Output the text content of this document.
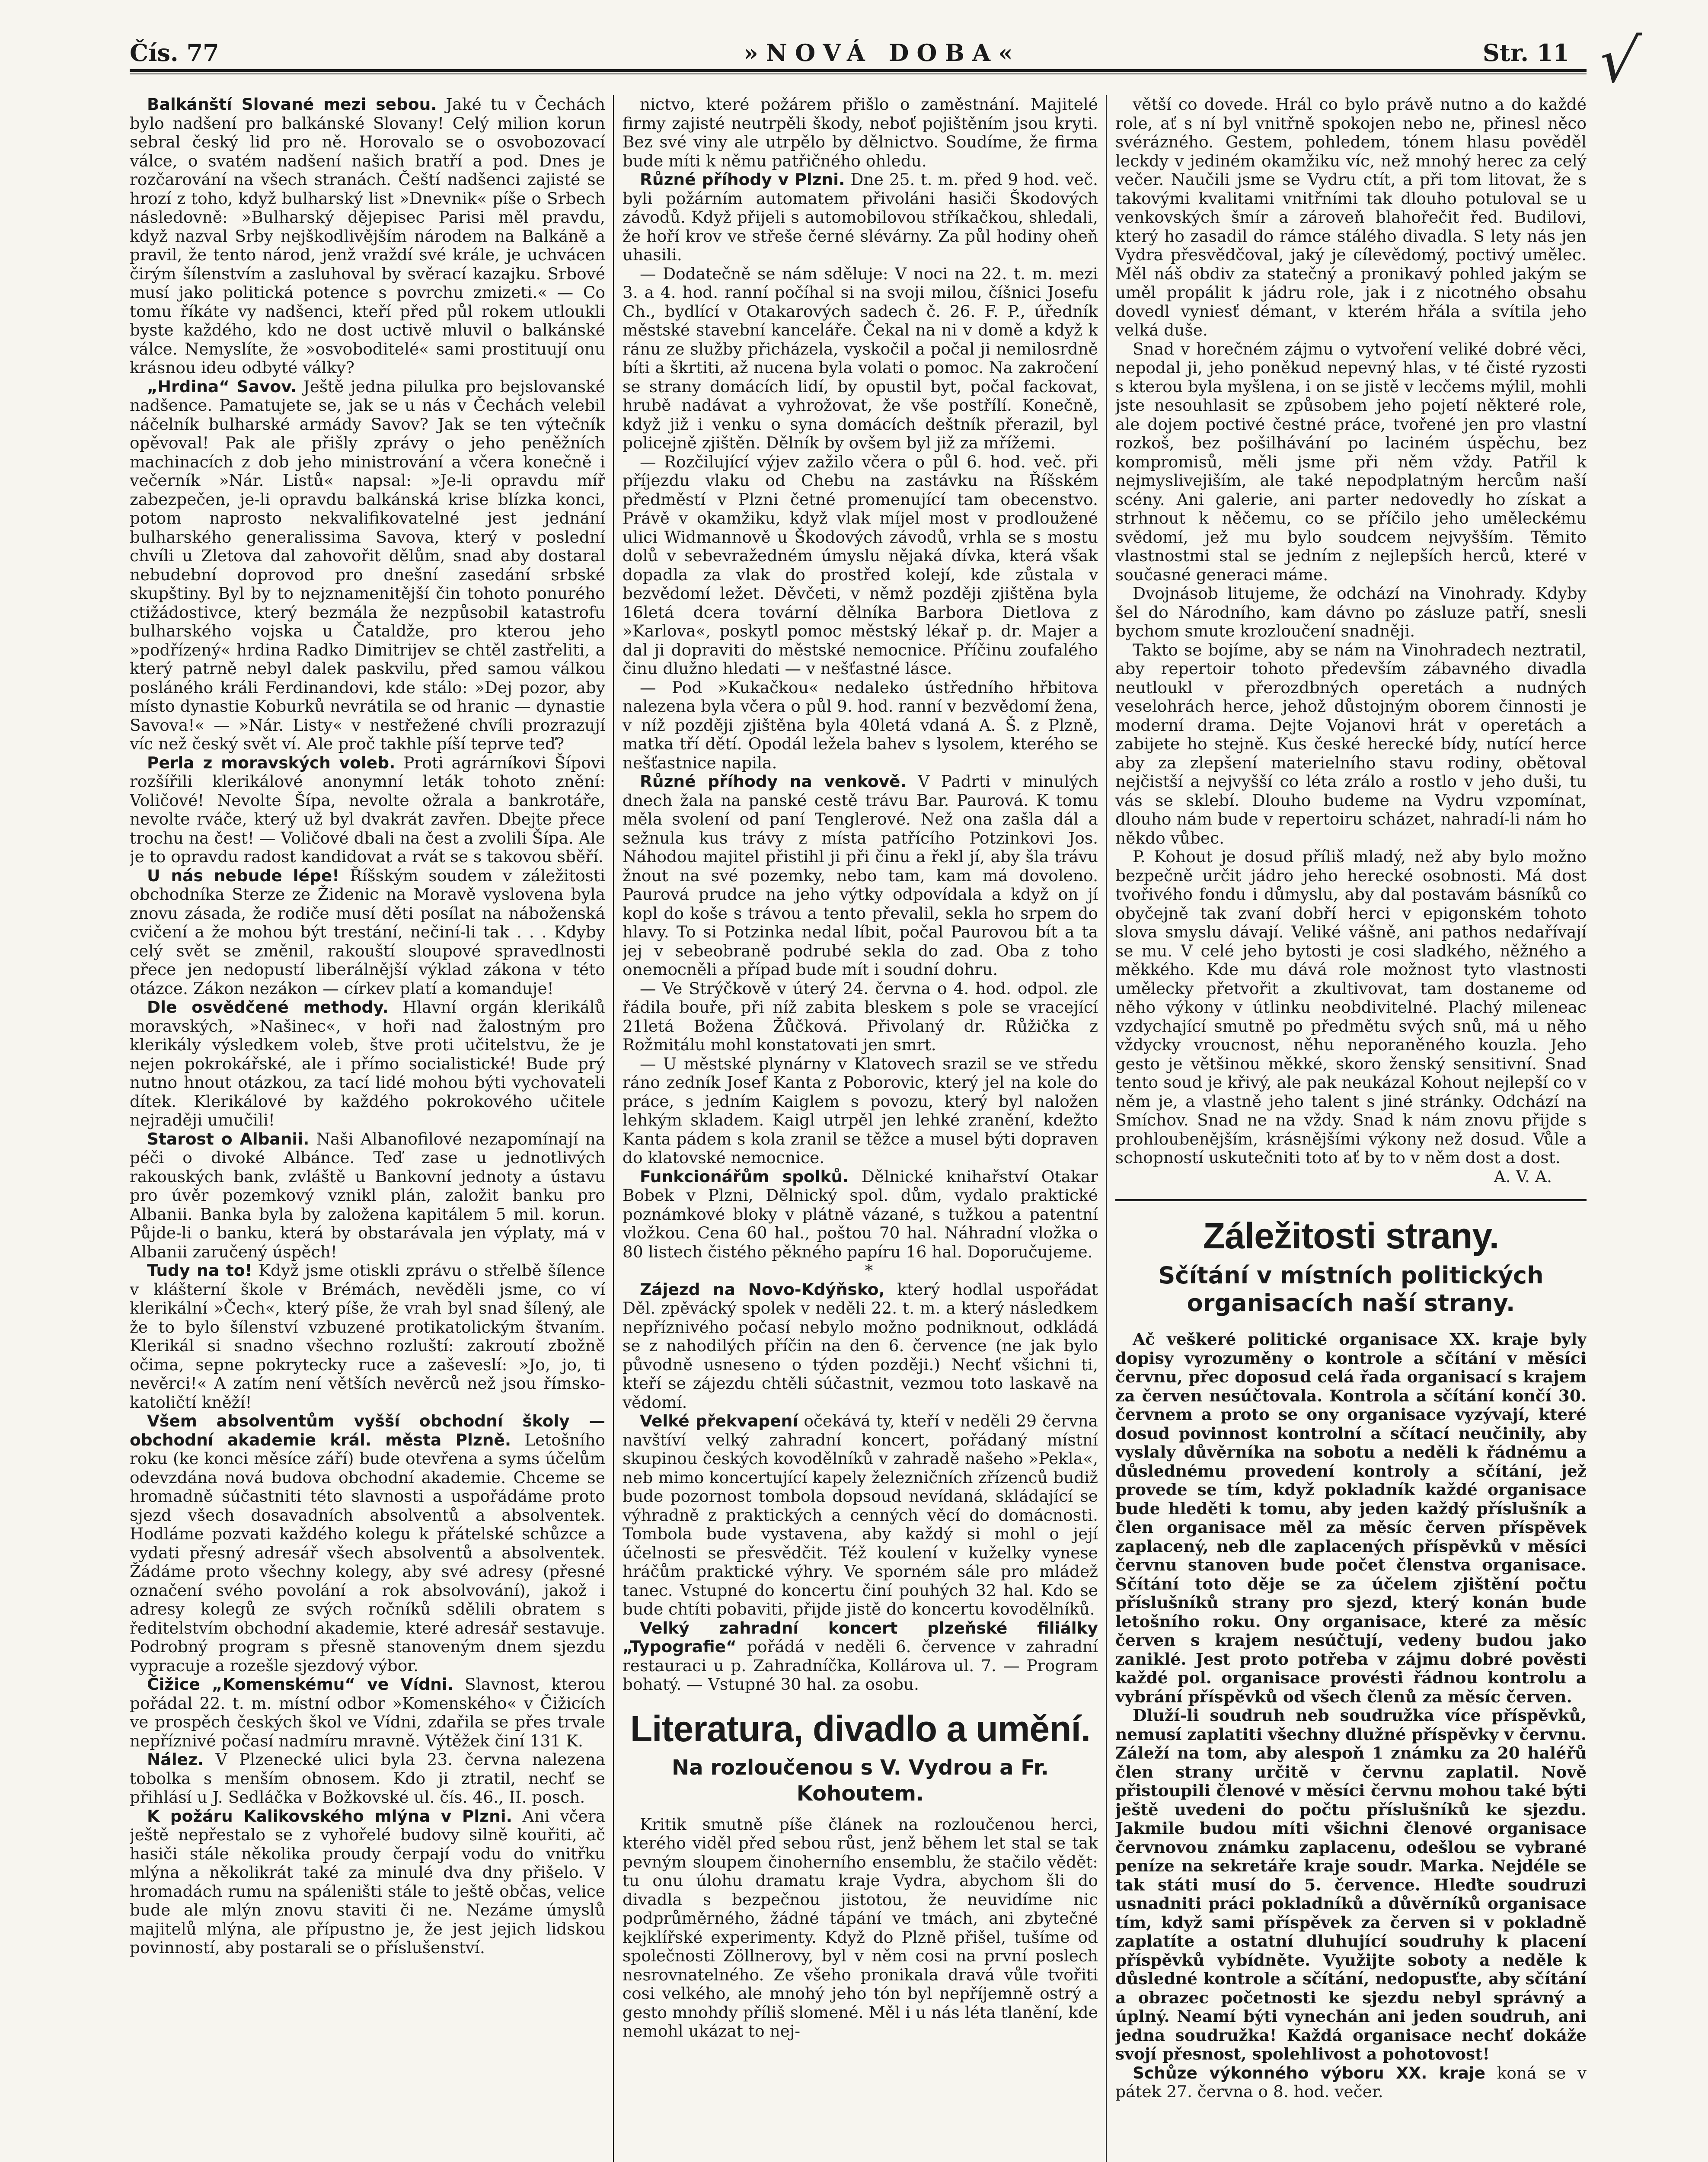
Čís. 77	»NOVÁ DOBA«	Str. 11 √

Balkánští Slované mezi sebou. Jaké tu v Čechách bylo nadšení pro balkánské Slovany! Celý milion korun sebral český lid pro ně. Horovalo se o osvobozovací válce, o svatém nadšení našich bratří a pod. Dnes je rozčarování na všech stranách. Čeští nadšenci zajisté se hrozí z toho, když bulharský list »Dnevnik« píše o Srbech následovně: »Bulharský dějepisec Parisi měl pravdu, když nazval Srby nejškodlivějším národem na Balkáně a pravil, že tento národ, jenž vraždí své krále, je uchvácen čirým šílenstvím a zasluhoval by svěrací kazajku. Srbové musí jako politická potence s povrchu zmizeti.« — Co tomu říkáte vy nadšenci, kteří před půl rokem utloukli byste každého, kdo ne dost uctivě mluvil o balkánské válce. Nemyslíte, že »osvoboditelé« sami prostituují onu krásnou ideu odbyté války?

„Hrdina“ Savov. Ještě jedna pilulka pro bejslovanské nadšence. Pamatujete se, jak se u nás v Čechách velebil náčelník bulharské armády Savov? Jak se ten výtečník opěvoval! Pak ale přišly zprávy o jeho peněžních machinacích z dob jeho ministrování a včera konečně i večerník »Nár. Listů« napsal: »Je-li opravdu míř zabezpečen, je-li opravdu balkánská krise blízka konci, potom naprosto nekvalifikovatelné jest jednání bulharského generalissima Savova, který v poslední chvíli u Zletova dal zahovořit dělům, snad aby dostaral nebudební doprovod pro dnešní zasedání srbské skupštiny. Byl by to nejznamenitější čin tohoto ponurého ctižádostivce, který bezmála že nezpůsobil katastrofu bulharského vojska u Čataldže, pro kterou jeho »podřízený« hrdina Radko Dimitrijev se chtěl zastřeliti, a který patrně nebyl dalek paskvilu, před samou válkou posláného králi Ferdinandovi, kde stálo: »Dej pozor, aby místo dynastie Koburků nevrátila se od hranic — dynastie Savova!« — »Nár. Listy« v nestřežené chvíli prozrazují víc než český svět ví. Ale proč takhle píší teprve teď?

Perla z moravských voleb. Proti agrárníkovi Šípovi rozšířili klerikálové anonymní leták tohoto znění: Voličové! Nevolte Šípa, nevolte ožrala a bankrotáře, nevolte rváče, který už byl dvakrát zavřen. Dbejte přece trochu na čest! — Voličové dbali na čest a zvolili Šípa. Ale je to opravdu radost kandidovat a rvát se s takovou sběří.

U nás nebude lépe! Říšským soudem v záležitosti obchodníka Sterze ze Židenic na Moravě vyslovena byla znovu zásada, že rodiče musí děti posílat na náboženská cvičení a že mohou být trestání, nečiní-li tak . . . Kdyby celý svět se změnil, rakouští sloupové spravedlnosti přece jen nedopustí liberálnější výklad zákona v této otázce. Zákon nezákon — církev platí a komanduje!

Dle osvědčené methody. Hlavní orgán klerikálů moravských, »Našinec«, v hoři nad žalostným pro klerikály výsledkem voleb, štve proti učitelstvu, že je nejen pokrokářské, ale i přímo socialistické! Bude prý nutno hnout otázkou, za tací lidé mohou býti vychovateli dítek. Klerikálové by každého pokrokového učitele nejraději umučili!

Starost o Albanii. Naši Albanofilové nezapomínají na péči o divoké Albánce. Teď zase u jednotlivých rakouských bank, zvláště u Bankovní jednoty a ústavu pro úvěr pozemkový vznikl plán, založit banku pro Albanii. Banka byla by založena kapitálem 5 mil. korun. Půjde-li o banku, která by obstarávala jen výplaty, má v Albanii zaručený úspěch!

Tudy na to! Když jsme otiskli zprávu o střelbě šílence v klášterní škole v Brémách, nevěděli jsme, co ví klerikální »Čech«, který píše, že vrah byl snad šílený, ale že to bylo šílenství vzbuzené protikatolickým štvaním. Klerikál si snadno všechno rozluští: zakroutí zbožně očima, sepne pokrytecky ruce a zaševeslí: »Jo, jo, ti nevěrci!« A zatím není větších nevěrců než jsou římsko-katoličtí kněží!

Všem absolventům vyšší obchodní školy — obchodní akademie král. města Plzně. Letošního roku (ke konci měsíce září) bude otevřena a syms účelům odevzdána nová budova obchodní akademie. Chceme se hromadně súčastniti této slavnosti a uspořádáme proto sjezd všech dosavadních absolventů a absolventek. Hodláme pozvati každého kolegu k přátelské schůzce a vydati přesný adresář všech absolventů a absolventek. Žádáme proto všechny kolegy, aby své adresy (přesné označení svého povolání a rok absolvování), jakož i adresy kolegů ze svých ročníků sdělili obratem s ředitelstvím obchodní akademie, které adresář sestavuje. Podrobný program s přesně stanoveným dnem sjezdu vypracuje a rozešle sjezdový výbor.

Čižice „Komenskému“ ve Vídni. Slavnost, kterou pořádal 22. t. m. místní odbor »Komenského« v Čižicích ve prospěch českých škol ve Vídni, zdařila se přes trvale nepříznivé počasí nadmíru mravně. Výtěžek činí 131 K.

Nález. V Plzenecké ulici byla 23. června nalezena tobolka s menším obnosem. Kdo ji ztratil, nechť se přihlásí u J. Sedláčka v Božkovské ul. čís. 46., II. posch.

K požáru Kalikovského mlýna v Plzni. Ani včera ještě nepřestalo se z vyhořelé budovy silně kouřiti, ač hasiči stále několika proudy čerpají vodu do vnitřku mlýna a několikrát také za minulé dva dny přišelo. V hromadách rumu na spáleništi stále to ještě občas, velice bude ale mlýn znovu staviti či ne. Nezáme úmyslů majitelů mlýna, ale přípustno je, že jest jejich lidskou povinností, aby postarali se o příslušenství.

nictvo, které požárem přišlo o zaměstnání. Majitelé firmy zajisté neutrpěli škody, neboť pojištěním jsou kryti. Bez své viny ale utrpělo by dělnictvo. Soudíme, že firma bude míti k němu patřičného ohledu.

Různé příhody v Plzni. Dne 25. t. m. před 9 hod. več. byli požárním automatem přivoláni hasiči Škodových závodů. Když přijeli s automobilovou stříkačkou, shledali, že hoří krov ve střeše černé slévárny. Za půl hodiny oheň uhasili.

— Dodatečně se nám sděluje: V noci na 22. t. m. mezi 3. a 4. hod. ranní počíhal si na svoji milou, číšnici Josefu Ch., bydlící v Otakarových sadech č. 26. F. P., úředník městské stavební kanceláře. Čekal na ni v domě a když k ránu ze služby přicházela, vyskočil a počal ji nemilosrdně bíti a škrtiti, až nucena byla volati o pomoc. Na zakročení se strany domácích lidí, by opustil byt, počal fackovat, hrubě nadávat a vyhrožovat, že vše postřílí. Konečně, když již i venku o syna domácích deštník přerazil, byl policejně zjištěn. Dělník by ovšem byl již za mřížemi.

— Rozčilující výjev zažilo včera o půl 6. hod. več. při příjezdu vlaku od Chebu na zastávku na Říšském předměstí v Plzni četné promenující tam obecenstvo. Právě v okamžiku, když vlak míjel most v prodloužené ulici Widmannově u Škodových závodů, vrhla se s mostu dolů v sebevražedném úmyslu nějaká dívka, která však dopadla za vlak do prostřed kolejí, kde zůstala v bezvědomí ležet. Děvčeti, v němž později zjištěna byla 16letá dcera tovární dělníka Barbora Dietlova z »Karlova«, poskytl pomoc městský lékař p. dr. Majer a dal ji dopraviti do městské nemocnice. Příčinu zoufalého činu dlužno hledati — v nešťastné lásce.

— Pod »Kukačkou« nedaleko ústředního hřbitova nalezena byla včera o půl 9. hod. ranní v bezvědomí žena, v níž později zjištěna byla 40letá vdaná A. Š. z Plzně, matka tří dětí. Opodál ležela bahev s lysolem, kterého se nešťastnice napila.

Různé příhody na venkově. V Padrti v minulých dnech žala na panské cestě trávu Bar. Paurová. K tomu měla svolení od paní Tenglerové. Než ona zašla dál a sežnula kus trávy z místa patřícího Potzinkovi Jos. Náhodou majitel přistihl ji při činu a řekl jí, aby šla trávu žnout na své pozemky, nebo tam, kam má dovoleno. Paurová prudce na jeho výtky odpovídala a když on jí kopl do koše s trávou a tento převalil, sekla ho srpem do hlavy. To si Potzinka nedal líbit, počal Paurovou bít a ta jej v sebeobraně podrubé sekla do zad. Oba z toho onemocněli a případ bude mít i soudní dohru.

— Ve Strýčkově v úterý 24. června o 4. hod. odpol. zle řádila bouře, při níž zabita bleskem s pole se vracející 21letá Božena Žůčková. Přivolaný dr. Růžička z Rožmitálu mohl konstatovati jen smrt.

— U městské plynárny v Klatovech srazil se ve středu ráno zedník Josef Kanta z Poborovic, který jel na kole do práce, s jedním Kaiglem s povozu, který byl naložen lehkým skladem. Kaigl utrpěl jen lehké zranění, kdežto Kanta pádem s kola zranil se těžce a musel býti dopraven do klatovské nemocnice.

Funkcionářům spolků. Dělnické knihařství Otakar Bobek v Plzni, Dělnický spol. dům, vydalo praktické poznámkové bloky v plátně vázané, s tužkou a patentní vložkou. Cena 60 hal., poštou 70 hal. Náhradní vložka o 80 listech čistého pěkného papíru 16 hal. Doporučujeme.

*

Zájezd na Novo-Kdýňsko, který hodlal uspořádat Děl. zpěvácký spolek v neděli 22. t. m. a který následkem nepříznivého počasí nebylo možno podniknout, odkládá se z nahodilých příčin na den 6. července (ne jak bylo původně usneseno o týden později.) Nechť všichni ti, kteří se zájezdu chtěli súčastnit, vezmou toto laskavě na vědomí.

Velké překvapení očekává ty, kteří v neděli 29 června navštíví velký zahradní koncert, pořádaný místní skupinou českých kovodělníků v zahradě našeho »Pekla«, neb mimo koncertující kapely železničních zřízenců budiž bude pozornost tombola dopsoud nevídaná, skládající se výhradně z praktických a cenných věcí do domácnosti. Tombola bude vystavena, aby každý si mohl o její účelnosti se přesvědčit. Též koulení v kuželky vynese hráčům praktické výhry. Ve sporném sále pro mládež tanec. Vstupné do koncertu činí pouhých 32 hal. Kdo se bude chtíti pobaviti, přijde jistě do koncertu kovodělníků.

Velký zahradní koncert plzeňské filiálky „Typografie“ pořádá v neděli 6. července v zahradní restauraci u p. Zahradníčka, Kollárova ul. 7. — Program bohatý. — Vstupné 30 hal. za osobu.

Literatura, divadlo a umění.
Na rozloučenou s V. Vydrou a Fr. Kohoutem.

Kritik smutně píše článek na rozloučenou herci, kterého viděl před sebou růst, jenž během let stal se tak pevným sloupem činoherního ensemblu, že stačilo vědět: tu onu úlohu dramatu kraje Vydra, abychom šli do divadla s bezpečnou jistotou, že neuvidíme nic podprůměrného, žádné tápání ve tmách, ani zbytečné kejklířské experimenty. Když do Plzně přišel, tušíme od společnosti Zöllnerovy, byl v něm cosi na první poslech nesrovnatelného. Ze všeho pronikala dravá vůle tvořiti cosi velkého, ale mnohý jeho tón byl nepříjemně ostrý a gesto mnohdy příliš slomené. Měl i u nás léta tlanění, kde nemohl ukázat to nej-

větší co dovede. Hrál co bylo právě nutno a do každé role, ať s ní byl vnitřně spokojen nebo ne, přinesl něco svérázného. Gestem, pohledem, tónem hlasu pověděl leckdy v jediném okamžiku víc, než mnohý herec za celý večer. Naučili jsme se Vydru ctít, a při tom litovat, že s takovými kvalitami vnitřními tak dlouho potuloval se u venkovských šmír a zároveň blahořečit řed. Budilovi, který ho zasadil do rámce stálého divadla. S lety nás jen Vydra přesvědčoval, jaký je cílevědomý, poctivý umělec. Měl náš obdiv za statečný a pronikavý pohled jakým se uměl propálit k jádru role, jak i z nicotného obsahu dovedl vyniesť démant, v kterém hřála a svítila jeho velká duše.

Snad v horečném zájmu o vytvoření veliké dobré věci, nepodal ji, jeho poněkud nepevný hlas, v té čisté ryzosti s kterou byla myšlena, i on se jistě v lecčems mýlil, mohli jste nesouhlasit se způsobem jeho pojetí některé role, ale dojem poctivé čestné práce, tvořené jen pro vlastní rozkoš, bez pošilhávání po laciném úspěchu, bez kompromisů, měli jsme při něm vždy. Patřil k nejmyslivejiším, ale také nepodplatným hercům naší scény. Ani galerie, ani parter nedovedly ho získat a strhnout k něčemu, co se příčilo jeho uměleckému svědomí, jež mu bylo soudcem nejvyšším. Těmito vlastnostmi stal se jedním z nejlepších herců, které v současné generaci máme.

Dvojnásob litujeme, že odchází na Vinohrady. Kdyby šel do Národního, kam dávno po zásluze patří, snesli bychom smute krozloučení snadněji.

Takto se bojíme, aby se nám na Vinohradech neztratil, aby repertoir tohoto především zábavného divadla neutloukl v přerozdbných operetách a nudných veselohrách herce, jehož důstojným oborem činnosti je moderní drama. Dejte Vojanovi hrát v operetách a zabijete ho stejně. Kus české herecké bídy, nutící herce aby za zlepšení materielního stavu rodiny, obětoval nejčistší a nejvyšší co léta zrálo a rostlo v jeho duši, tu vás se sklebí. Dlouho budeme na Vydru vzpomínat, dlouho nám bude v repertoiru scházet, nahradí-li nám ho někdo vůbec.

P. Kohout je dosud příliš mladý, než aby bylo možno bezpečně určit jádro jeho herecké osobnosti. Má dost tvořivého fondu i důmyslu, aby dal postavám básníků co obyčejně tak zvaní dobří herci v epigonském tohoto slova smyslu dávají. Veliké vášně, ani pathos nedařívají se mu. V celé jeho bytosti je cosi sladkého, něžného a měkkého. Kde mu dává role možnost tyto vlastnosti umělecky přetvořit a zkultivovat, tam dostaneme od něho výkony v útlinku neobdivitelné. Plachý mileneac vzdychající smutně po předmětu svých snů, má u něho vždycky vroucnost, něhu neporaněného kouzla. Jeho gesto je většinou měkké, skoro ženský sensitivní. Snad tento soud je křivý, ale pak neukázal Kohout nejlepší co v něm je, a vlastně jeho talent s jiné stránky. Odchází na Smíchov. Snad ne na vždy. Snad k nám znovu přijde s prohloubenějším, krásnějšími výkony než dosud. Vůle a schopností uskutečniti toto ať by to v něm dost a dost.

A. V. A.

Záležitosti strany.
Sčítání v místních politických organisacích naší strany.

Ač veškeré politické organisace XX. kraje byly dopisy vyrozuměny o kontrole a sčítání v měsíci červnu, přec doposud celá řada organisací s krajem za červen nesúčtovala. Kontrola a sčítání končí 30. červnem a proto se ony organisace vyzývají, které dosud povinnost kontrolní a sčítací neučinily, aby vyslaly důvěrníka na sobotu a neděli k řádnému a důslednému provedení kontroly a sčítání, jež provede se tím, když pokladník každé organisace bude hleděti k tomu, aby jeden každý příslušník a člen organisace měl za měsíc červen příspěvek zaplacený, neb dle zaplacených příspěvků v měsíci červnu stanoven bude počet členstva organisace. Sčítání toto děje se za účelem zjištění počtu příslušníků strany pro sjezd, který konán bude letošního roku. Ony organisace, které za měsíc červen s krajem nesúčtují, vedeny budou jako zaniklé. Jest proto potřeba v zájmu dobré pověsti každé pol. organisace provésti řádnou kontrolu a vybrání příspěvků od všech členů za měsíc červen.

Dluží-li soudruh neb soudružka více příspěvků, nemusí zaplatiti všechny dlužné příspěvky v červnu. Záleží na tom, aby alespoň 1 známku za 20 haléřů člen strany určitě v červnu zaplatil. Nově přistoupili členové v měsíci červnu mohou také býti ještě uvedeni do počtu příslušníků ke sjezdu. Jakmile budou míti všichni členové organisace červnovou známku zaplacenu, odešlou se vybrané peníze na sekretáře kraje soudr. Marka. Nejdéle se tak státi musí do 5. července. Hleďte soudruzi usnadniti práci pokladníků a důvěrníků organisace tím, když sami příspěvek za červen si v pokladně zaplatíte a ostatní dluhující soudruhy k placení příspěvků vybídněte. Využijte soboty a neděle k důsledné kontrole a sčítání, nedopusťte, aby sčítání a obrazec početnosti ke sjezdu nebyl správný a úplný. Neamí býti vynechán ani jeden soudruh, ani jedna soudružka! Každá organisace nechť dokáže svojí přesnost, spolehlivost a pohotovost!

Schůze výkonného výboru XX. kraje koná se v pátek 27. června o 8. hod. večer.
